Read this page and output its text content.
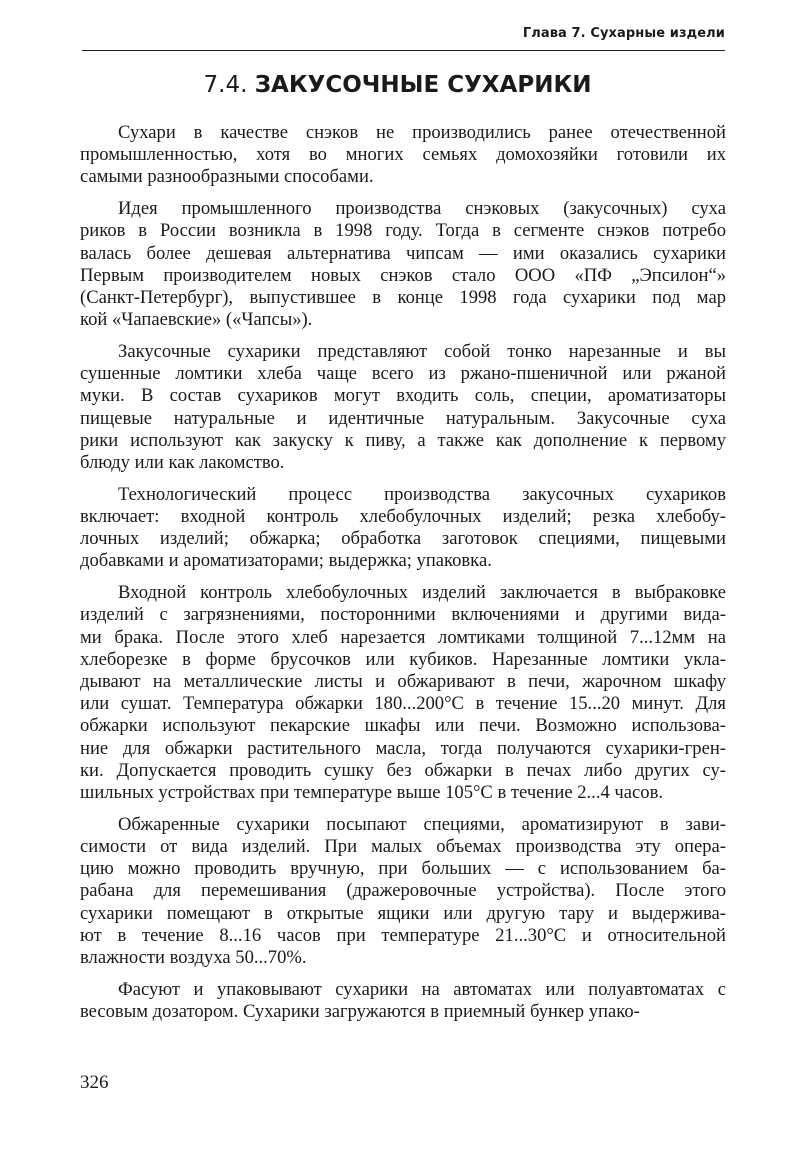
Глава 7. Сухарные издели
7.4. ЗАКУСОЧНЫЕ СУХАРИКИ

Сухари в качестве снэков не производились ранее отечественной
промышленностью, хотя во многих семьях домохозяйки готовили их
самыми разнообразными способами.

Идея промышленного производства снэковых (закусочных) суха
риков в России возникла в 1998 году. Тогда в сегменте снэков потребо
валась более дешевая альтернатива чипсам — ими оказались сухарики
Первым производителем новых снэков стало ООО «ПФ „Эпсилон“»
(Санкт-Петербург), выпустившее в конце 1998 года сухарики под мар
кой «Чапаевские» («Чапсы»).

Закусочные сухарики представляют собой тонко нарезанные и вы
сушенные ломтики хлеба чаще всего из ржано-пшеничной или ржаной
муки. В состав сухариков могут входить соль, специи, ароматизаторы
пищевые натуральные и идентичные натуральным. Закусочные суха
рики используют как закуску к пиву, а также как дополнение к первому
блюду или как лакомство.

Технологический процесс производства закусочных сухариков
включает: входной контроль хлебобулочных изделий; резка хлебобу-
лочных изделий; обжарка; обработка заготовок специями, пищевыми
добавками и ароматизаторами; выдержка; упаковка.

Входной контроль хлебобулочных изделий заключается в выбраковке
изделий с загрязнениями, посторонними включениями и другими вида-
ми брака. После этого хлеб нарезается ломтиками толщиной 7...12мм на
хлеборезке в форме брусочков или кубиков. Нарезанные ломтики укла-
дывают на металлические листы и обжаривают в печи, жарочном шкафу
или сушат. Температура обжарки 180...200°С в течение 15...20 минут. Для
обжарки используют пекарские шкафы или печи. Возможно использова-
ние для обжарки растительного масла, тогда получаются сухарики-грен-
ки. Допускается проводить сушку без обжарки в печах либо других су-
шильных устройствах при температуре выше 105°С в течение 2...4 часов.

Обжаренные сухарики посыпают специями, ароматизируют в зави-
симости от вида изделий. При малых объемах производства эту опера-
цию можно проводить вручную, при больших — с использованием ба-
рабана для перемешивания (дражеровочные устройства). После этого
сухарики помещают в открытые ящики или другую тару и выдержива-
ют в течение 8...16 часов при температуре 21...30°С и относительной
влажности воздуха 50...70%.

Фасуют и упаковывают сухарики на автоматах или полуавтоматах с
весовым дозатором. Сухарики загружаются в приемный бункер упако-

326
